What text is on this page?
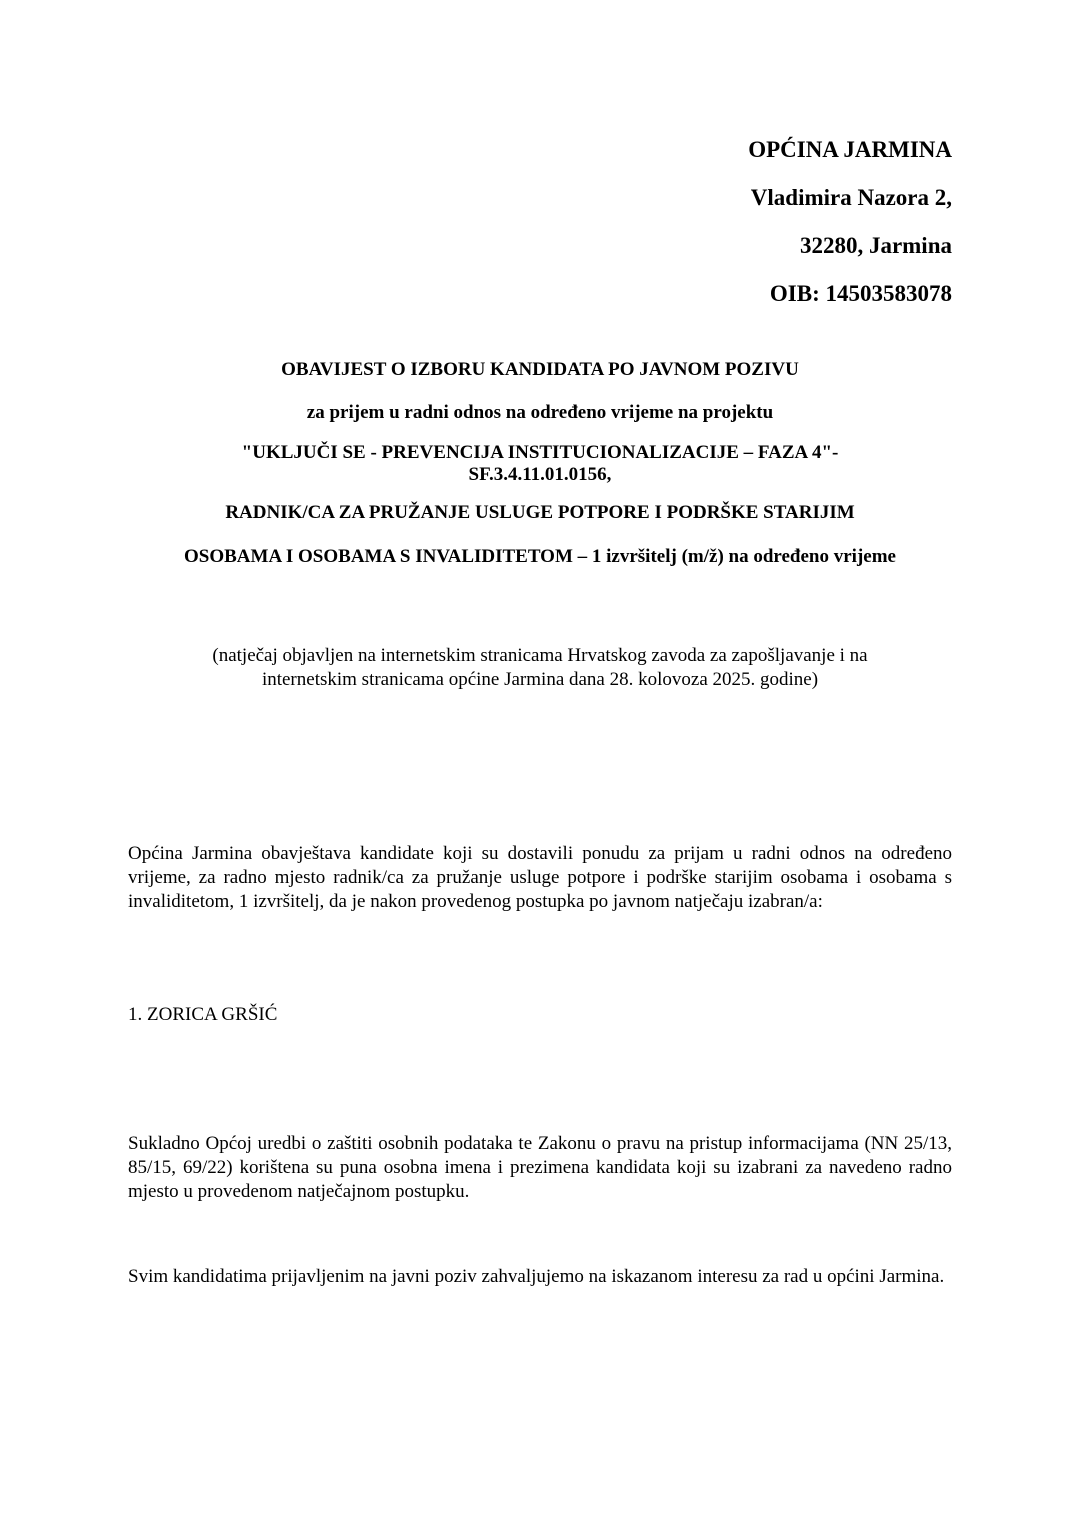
OPĆINA JARMINA
Vladimira Nazora 2,
32280, Jarmina
OIB: 14503583078
OBAVIJEST O IZBORU KANDIDATA PO JAVNOM POZIVU
za prijem u radni odnos na određeno vrijeme na projektu
"UKLJUČI SE - PREVENCIJA INSTITUCIONALIZACIJE – FAZA 4"-
SF.3.4.11.01.0156,
RADNIK/CA ZA PRUŽANJE USLUGE POTPORE I PODRŠKE STARIJIM
OSOBAMA I OSOBAMA S INVALIDITETOM – 1 izvršitelj (m/ž) na određeno vrijeme
(natječaj objavljen na internetskim stranicama Hrvatskog zavoda za zapošljavanje i na
internetskim stranicama općine Jarmina dana 28. kolovoza 2025. godine)
Općina Jarmina obavještava kandidate koji su dostavili ponudu za prijam u radni odnos na određeno vrijeme, za radno mjesto radnik/ca za pružanje usluge potpore i podrške starijim osobama i osobama s invaliditetom, 1 izvršitelj, da je nakon provedenog postupka po javnom natječaju izabran/a:
1. ZORICA GRŠIĆ
Sukladno Općoj uredbi o zaštiti osobnih podataka te Zakonu o pravu na pristup informacijama (NN 25/13, 85/15, 69/22) korištena su puna osobna imena i prezimena kandidata koji su izabrani za navedeno radno mjesto u provedenom natječajnom postupku.
Svim kandidatima prijavljenim na javni poziv zahvaljujemo na iskazanom interesu za rad u općini Jarmina.
